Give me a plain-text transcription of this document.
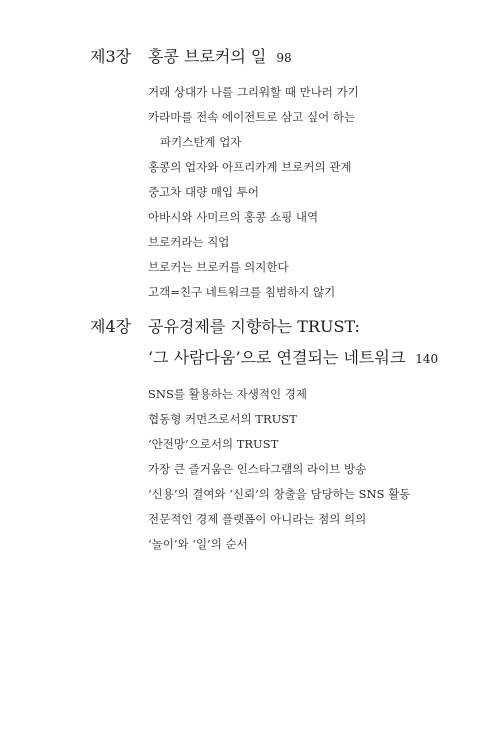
제3장	홍콩 브로커의 일 98
거래 상대가 나를 그리워할 때 만나러 가기
카라마를 전속 에이전트로 삼고 싶어 하는
파키스탄계 업자
홍콩의 업자와 아프리카계 브로커의 관계
중고차 대량 매입 투어
아바시와 사미르의 홍콩 쇼핑 내역
브로커라는 직업
브로커는 브로커를 의지한다
고객=친구 네트워크를 침범하지 않기
제4장	공유경제를 지향하는 TRUST:
‘그 사람다움’으로 연결되는 네트워크 140
SNS를 활용하는 자생적인 경제
협동형 커먼즈로서의 TRUST
‘안전망’으로서의 TRUST
가장 큰 즐거움은 인스타그램의 라이브 방송
‘신용’의 결여와 ‘신뢰’의 창출을 담당하는 SNS 활동
전문적인 경제 플랫폼이 아니라는 점의 의의
‘놀이’와 ‘일’의 순서
